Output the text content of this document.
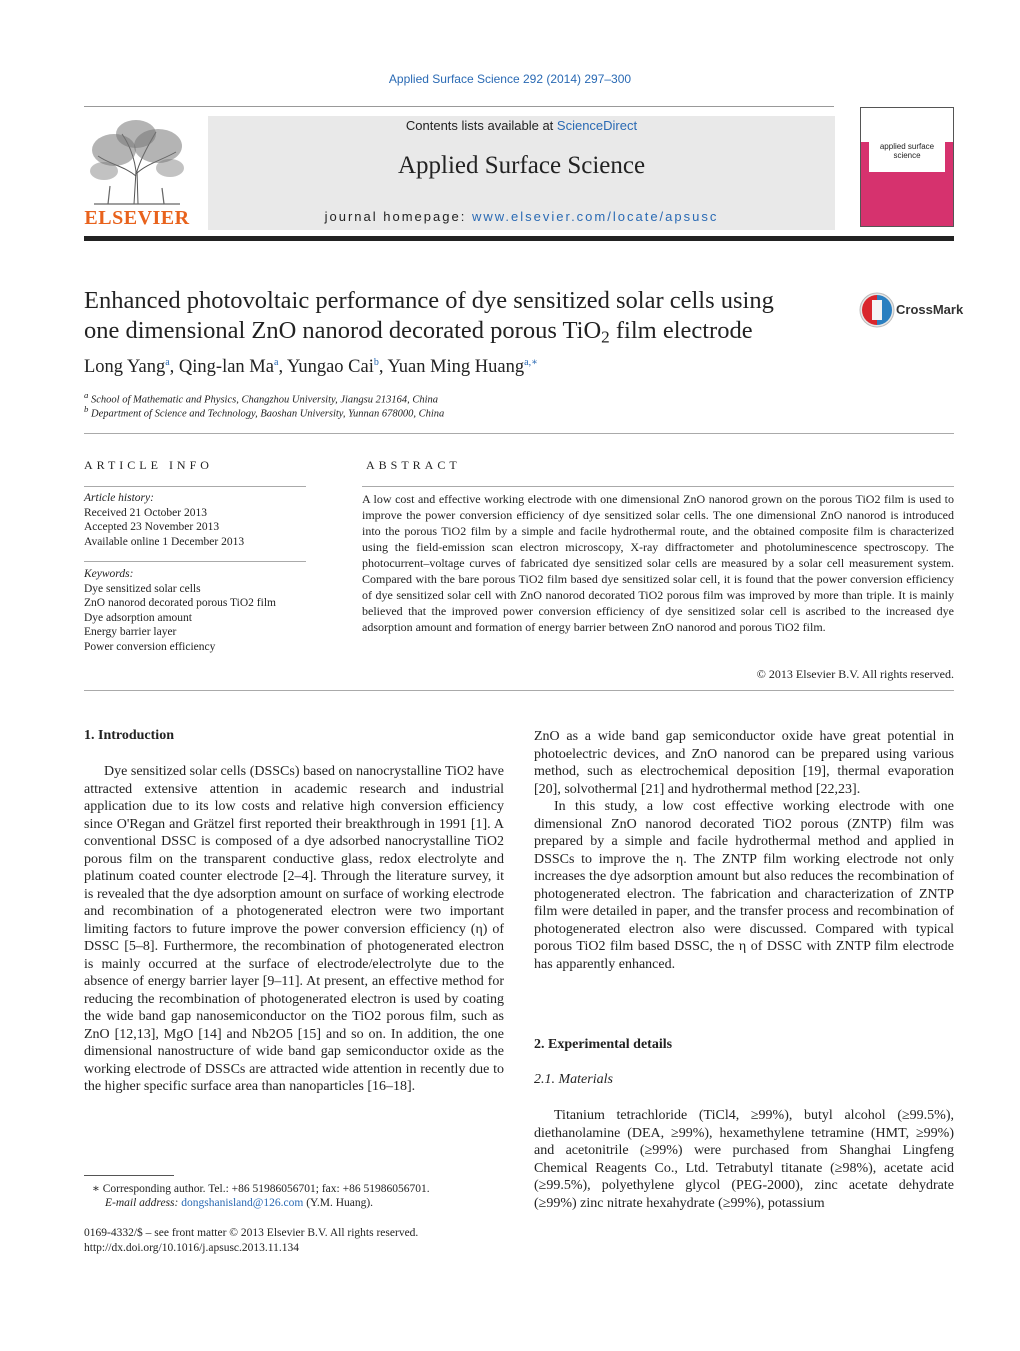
Applied Surface Science 292 (2014) 297–300
ELSEVIER
Contents lists available at ScienceDirect
Applied Surface Science
journal homepage: www.elsevier.com/locate/apsusc
applied surface science
Enhanced photovoltaic performance of dye sensitized solar cells using
one dimensional ZnO nanorod decorated porous TiO$_2$ film electrode
CrossMark
Long Yang$^a$, Qing-lan Ma$^a$, Yungao Cai$^b$, Yuan Ming Huang$^{a,∗}$
$^a$ School of Mathematic and Physics, Changzhou University, Jiangsu 213164, China
$^b$ Department of Science and Technology, Baoshan University, Yunnan 678000, China
ARTICLE INFO
Article history:
Received 21 October 2013
Accepted 23 November 2013
Available online 1 December 2013
Keywords:
Dye sensitized solar cells
ZnO nanorod decorated porous TiO2 film
Dye adsorption amount
Energy barrier layer
Power conversion efficiency
ABSTRACT
A low cost and effective working electrode with one dimensional ZnO nanorod grown on the porous TiO2 film is used to improve the power conversion efficiency of dye sensitized solar cells. The one dimensional ZnO nanorod is introduced into the porous TiO2 film by a simple and facile hydrothermal route, and the obtained composite film is characterized using the field-emission scan electron microscopy, X-ray diffractometer and photoluminescence spectroscopy. The photocurrent–voltage curves of fabricated dye sensitized solar cells are measured by a solar cell measurement system. Compared with the bare porous TiO2 film based dye sensitized solar cell, it is found that the power conversion efficiency of dye sensitized solar cell with ZnO nanorod decorated TiO2 porous film was improved by more than triple. It is mainly believed that the improved power conversion efficiency of dye sensitized solar cell is ascribed to the increased dye adsorption amount and formation of energy barrier between ZnO nanorod and porous TiO2 film.
© 2013 Elsevier B.V. All rights reserved.
1. Introduction

Dye sensitized solar cells (DSSCs) based on nanocrystalline TiO2 have attracted extensive attention in academic research and industrial application due to its low costs and relative high conversion efficiency since O'Regan and Grätzel first reported their breakthrough in 1991 [1]. A conventional DSSC is composed of a dye adsorbed nanocrystalline TiO2 porous film on the transparent conductive glass, redox electrolyte and platinum coated counter electrode [2–4]. Through the literature survey, it is revealed that the dye adsorption amount on surface of working electrode and recombination of a photogenerated electron were two important limiting factors to future improve the power conversion efficiency (η) of DSSC [5–8]. Furthermore, the recombination of photogenerated electron is mainly occurred at the surface of electrode/electrolyte due to the absence of energy barrier layer [9–11]. At present, an effective method for reducing the recombination of photogenerated electron is used by coating the wide band gap nanosemiconductor on the TiO2 porous film, such as ZnO [12,13], MgO [14] and Nb2O5 [15] and so on. In addition, the one dimensional nanostructure of wide band gap semiconductor oxide as the working electrode of DSSCs are attracted wide attention in recently due to the higher specific surface area than nanoparticles [16–18].

ZnO as a wide band gap semiconductor oxide have great potential in photoelectric devices, and ZnO nanorod can be prepared using various method, such as electrochemical deposition [19], thermal evaporation [20], solvothermal [21] and hydrothermal method [22,23].

In this study, a low cost effective working electrode with one dimensional ZnO nanorod decorated TiO2 porous (ZNTP) film was prepared by a simple and facile hydrothermal method and applied in DSSCs to improve the η. The ZNTP film working electrode not only increases the dye adsorption amount but also reduces the recombination of photogenerated electron. The fabrication and characterization of ZNTP film were detailed in paper, and the transfer process and recombination of photogenerated electron also were discussed. Compared with typical porous TiO2 film based DSSC, the η of DSSC with ZNTP film electrode has apparently enhanced.

2. Experimental details
2.1. Materials

Titanium tetrachloride (TiCl4, ≥99%), butyl alcohol (≥99.5%), diethanolamine (DEA, ≥99%), hexamethylene tetramine (HMT, ≥99%) and acetonitrile (≥99%) were purchased from Shanghai Lingfeng Chemical Reagents Co., Ltd. Tetrabutyl titanate (≥98%), acetate acid (≥99.5%), polyethylene glycol (PEG-2000), zinc acetate dehydrate (≥99%) zinc nitrate hexahydrate (≥99%), potassium

∗ Corresponding author. Tel.: +86 51986056701; fax: +86 51986056701.
E-mail address: dongshanisland@126.com (Y.M. Huang).
0169-4332/$ – see front matter © 2013 Elsevier B.V. All rights reserved.
http://dx.doi.org/10.1016/j.apsusc.2013.11.134
